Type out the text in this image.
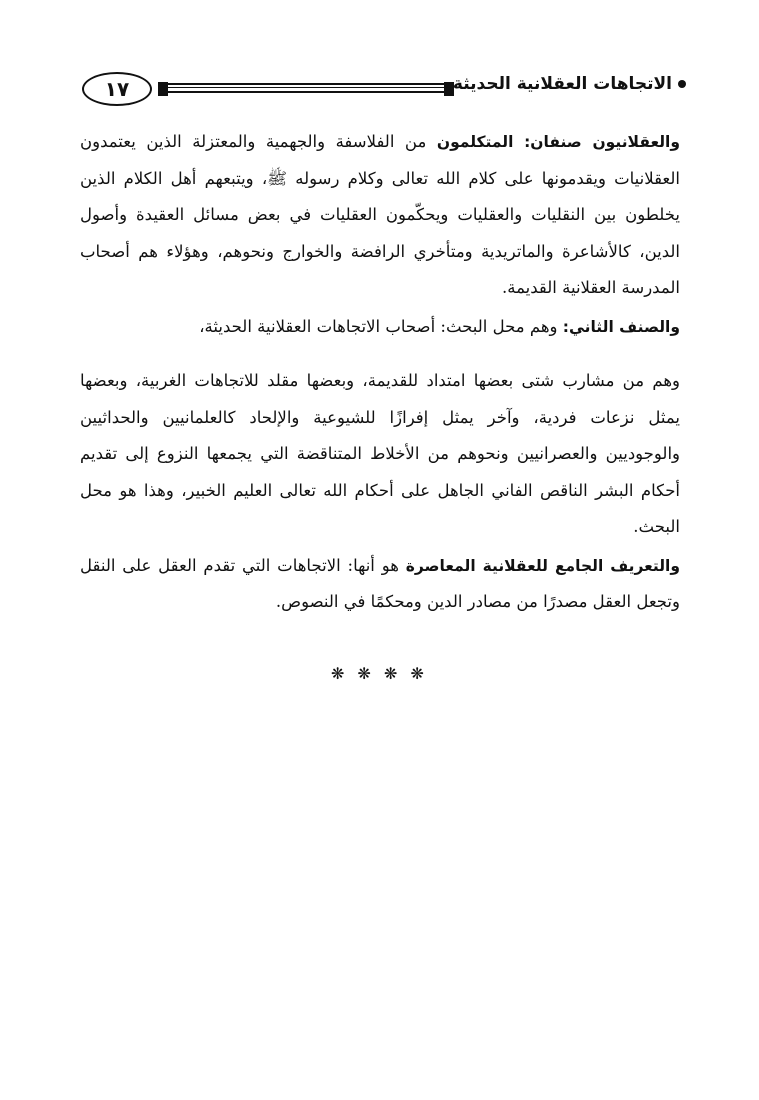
١٧	الاتجاهات العقلانية الحديثة

والعقلانيون صنفان: المتكلمون من الفلاسفة والجهمية والمعتزلة الذين يعتمدون العقلانيات ويقدمونها على كلام الله تعالى وكلام رسوله ﷺ، ويتبعهم أهل الكلام الذين يخلطون بين النقليات والعقليات ويحكّمون العقليات في بعض مسائل العقيدة وأصول الدين، كالأشاعرة والماتريدية ومتأخري الرافضة والخوارج ونحوهم، وهؤلاء هم أصحاب المدرسة العقلانية القديمة.

والصنف الثاني: وهم محل البحث: أصحاب الاتجاهات العقلانية الحديثة،

وهم من مشارب شتى بعضها امتداد للقديمة، وبعضها مقلد للاتجاهات الغربية، وبعضها يمثل نزعات فردية، وآخر يمثل إفرازًا للشيوعية والإلحاد كالعلمانيين والحداثيين والوجوديين والعصرانيين ونحوهم من الأخلاط المتناقضة التي يجمعها النزوع إلى تقديم أحكام البشر الناقص الفاني الجاهل على أحكام الله تعالى العليم الخبير، وهذا هو محل البحث.

والتعريف الجامع للعقلانية المعاصرة هو أنها: الاتجاهات التي تقدم العقل على النقل وتجعل العقل مصدرًا من مصادر الدين ومحكمًا في النصوص.

❋ ❋ ❋ ❋
